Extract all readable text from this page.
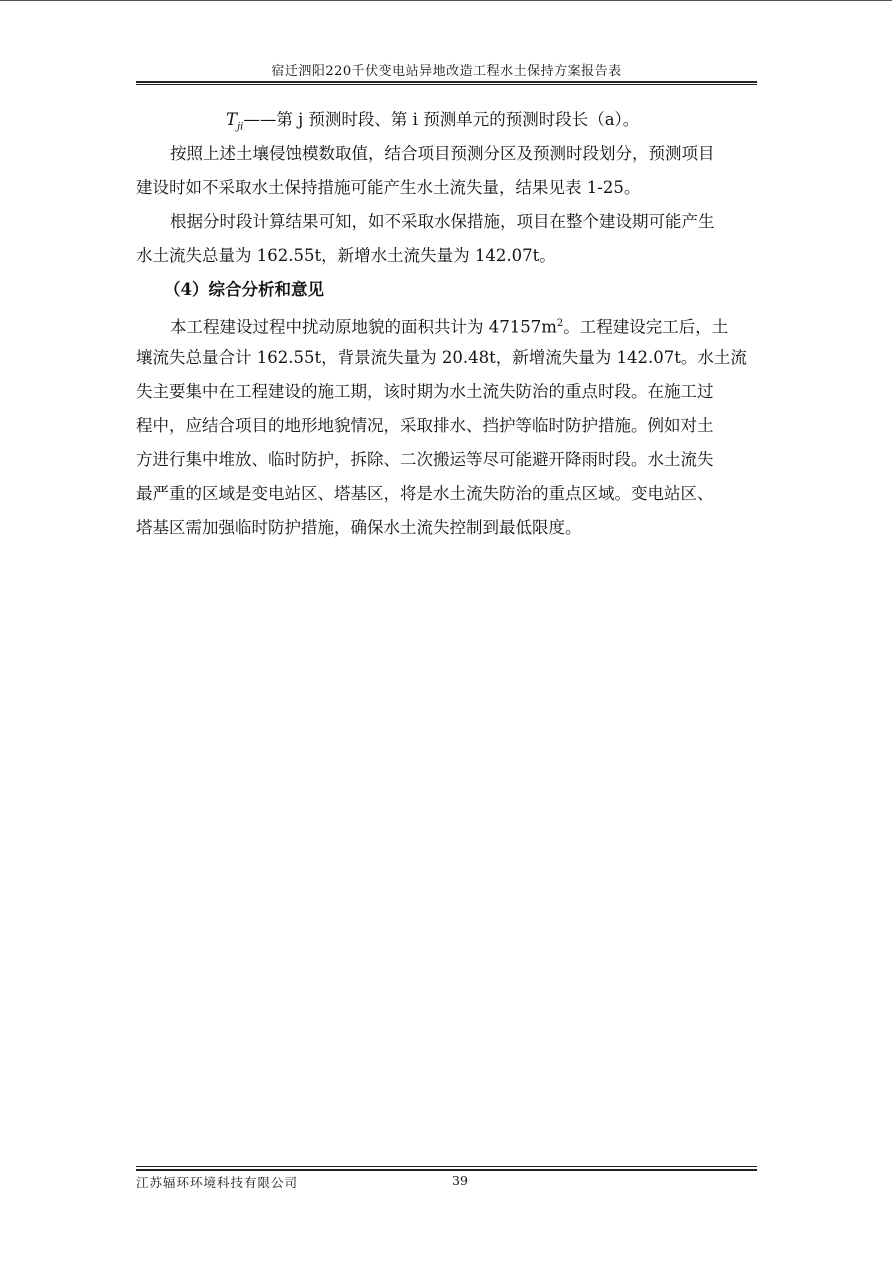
宿迁泗阳220千伏变电站异地改造工程水土保持方案报告表
$T_{ji}——$第 j 预测时段、第 i 预测单元的预测时段长（a）。
按照上述土壤侵蚀模数取值，结合项目预测分区及预测时段划分，预测项目
建设时如不采取水土保持措施可能产生水土流失量，结果见表 1-25。
根据分时段计算结果可知，如不采取水保措施，项目在整个建设期可能产生
水土流失总量为 162.55t，新增水土流失量为 142.07t。
（4）综合分析和意见
本工程建设过程中扰动原地貌的面积共计为 $47157m^2$。工程建设完工后，土
壤流失总量合计 162.55t，背景流失量为 20.48t，新增流失量为 142.07t。水土流
失主要集中在工程建设的施工期，该时期为水土流失防治的重点时段。在施工过
程中，应结合项目的地形地貌情况，采取排水、挡护等临时防护措施。例如对土
方进行集中堆放、临时防护，拆除、二次搬运等尽可能避开降雨时段。水土流失
最严重的区域是变电站区、塔基区，将是水土流失防治的重点区域。变电站区、
塔基区需加强临时防护措施，确保水土流失控制到最低限度。
江苏辐环环境科技有限公司	39
